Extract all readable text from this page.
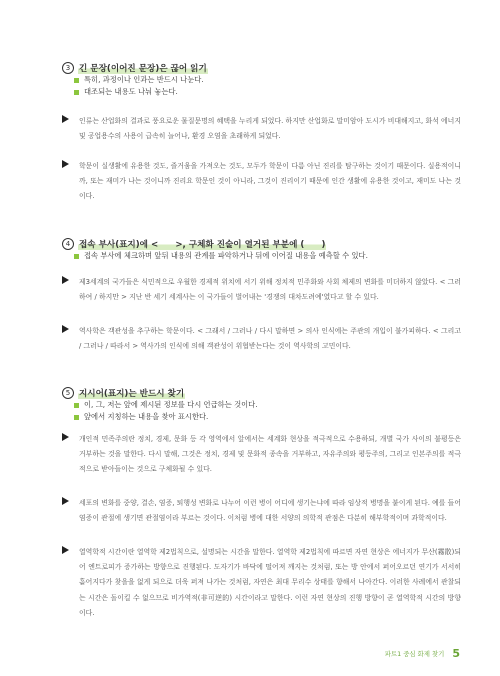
3	긴 문장(이어진 문장)은 끊어 읽기
특히, 과정이나 인과는 반드시 나눈다.
대조되는 내용도 나눠 놓는다.
인류는 산업화의 결과로 풍요로운 물질문명의 혜택을 누리게 되었다. 하지만 산업화로 말미암아 도시가 비대해지고, 화석 에너지 및 공업용수의 사용이 급속히 늘어나, 환경 오염을 초래하게 되었다.
학문이 실생활에 유용한 것도, 즐거움을 가져오는 것도, 모두가 학문이 다름 아닌 진리를 탐구하는 것이기 때문이다. 실용적이니까, 또는 재미가 나는 것이니까 진리요 학문인 것이 아니라, 그것이 진리이기 때문에 인간 생활에 유용한 것이고, 재미도 나는 것이다.
4	접속 부사(표지)에 <　　>, 구체화 진술이 열거된 부분에 (　　)
접속 부사에 체크하며 앞뒤 내용의 관계를 파악하거나 뒤에 이어질 내용을 예측할 수 있다.
제3세계의 국가들은 식민적으로 우월한 경제적 위치에 서기 위해 정치적 민주화와 사회 체제의 변화를 미더하지 않았다. < 그러하여 / 하지만 > 지난 반 세기 세계사는 이 국가들이 벌어내는 '경쟁의 대차도려예'였다고 할 수 있다.
역사학은 객관성을 추구하는 학문이다. < 그래서 / 그러나 / 다시 말하면 > 의사 인식에는 주관의 개입이 불가피하다. < 그리고 / 그러나 / 따라서 > 역사가의 인식에 의해 객관성이 위협받는다는 것이 역사학의 고민이다.
5	지시어(표지)는 반드시 찾기
이, 그, 저는 앞에 제시된 정보를 다시 언급하는 것이다.
앞에서 지칭하는 내용을 찾아 표시한다.
개인적 민족주의란 정치, 경제, 문화 등 각 영역에서 앞에서는 세계화 현상을 적극적으로 수용하되, 개별 국가 사이의 불평등은 거부하는 것을 말한다. 다시 말해, 그것은 정치, 경제 및 문화적 종속을 거부하고, 자유주의와 평등주의, 그리고 인본주의를 적극적으로 받아들이는 것으로 구체화될 수 있다.
세포의 변화를 중양, 결손, 염증, 퇴행성 변화로 나누어 이런 병이 어디에 생기는냐에 따라 임상적 병명을 붙이게 된다. 예를 들어 염증이 관절에 생기면 관절염이라 부르는 것이다. 이처럼 병에 대한 서양의 의학적 관점은 다분히 해부학적이며 과학적이다.
열역학적 시간이란 열역학 제2법칙으로, 설명되는 시간을 말한다. 열역학 제2법칙에 따르면 자연 현상은 에너지가 무산(霧散)되어 엔트로피가 증가하는 방향으로 진행된다. 도자기가 바닥에 떨어져 깨지는 것처럼, 또는 방 안에서 퍼어오르던 연기가 서서히 흩어지다가 찾을을 없게 되으로 더욱 퍼져 나가는 것처럼, 자연은 최대 무리수 상태를 향해서 나아간다. 이러한 사례에서 관찰되는 시간은 돌이킬 수 없으므로 비가역적(非可逆的) 시간이라고 말한다. 이런 자연 현상의 진행 방향이 곧 열역학적 시간의 방향이다.
파트1 중심 화제 찾기 5
